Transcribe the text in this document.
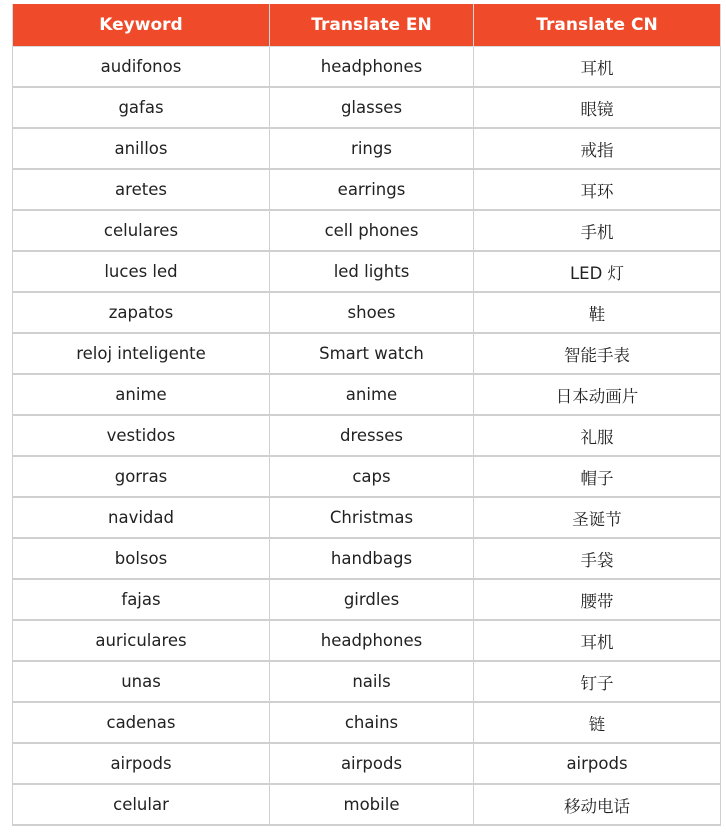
Keyword	Translate EN	Translate CN
audifonos	headphones	耳机
gafas	glasses	眼镜
anillos	rings	戒指
aretes	earrings	耳环
celulares	cell phones	手机
luces led	led lights	LED 灯
zapatos	shoes	鞋
reloj inteligente	Smart watch	智能手表
anime	anime	日本动画片
vestidos	dresses	礼服
gorras	caps	帽子
navidad	Christmas	圣诞节
bolsos	handbags	手袋
fajas	girdles	腰带
auriculares	headphones	耳机
unas	nails	钉子
cadenas	chains	链
airpods	airpods	airpods
celular	mobile	移动电话
